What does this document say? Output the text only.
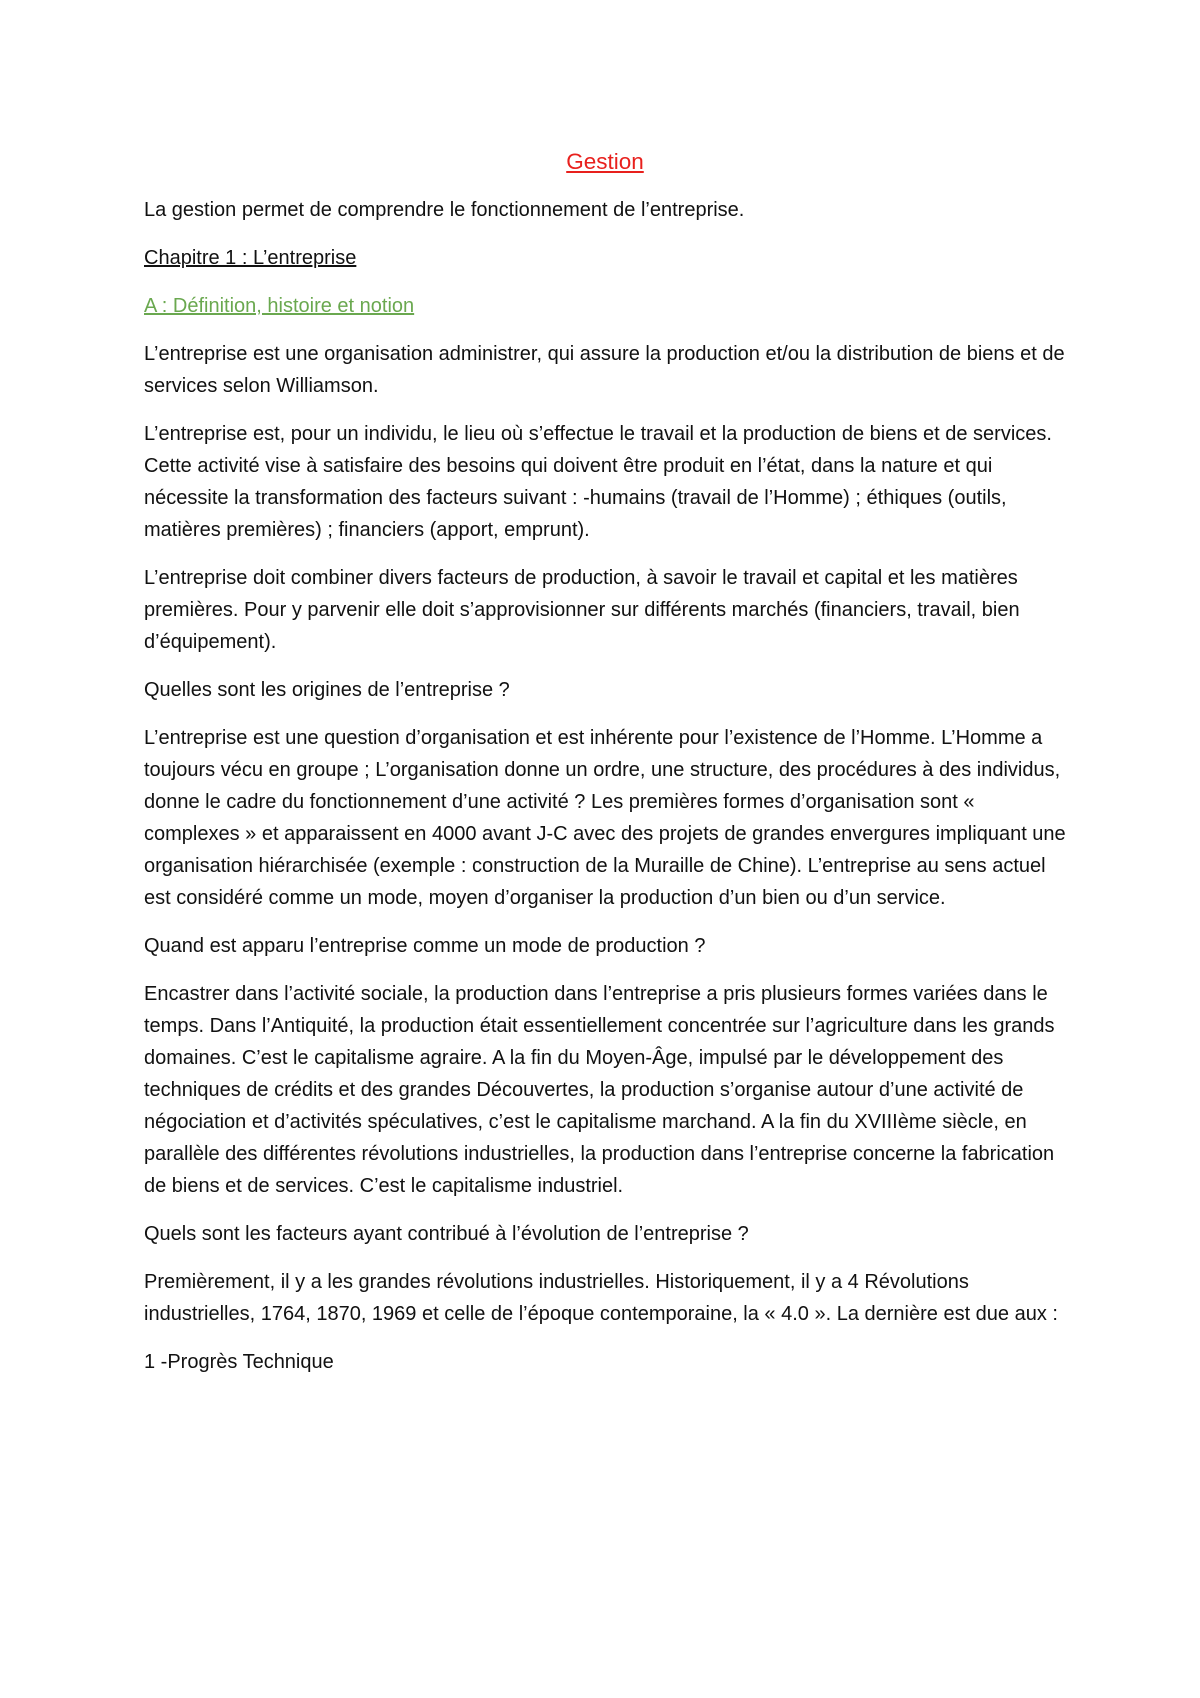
Gestion

La gestion permet de comprendre le fonctionnement de l’entreprise.

Chapitre 1 : L’entreprise

A : Définition, histoire et notion

L’entreprise est une organisation administrer, qui assure la production et/ou la distribution de biens et de services selon Williamson.

L’entreprise est, pour un individu, le lieu où s’effectue le travail et la production de biens et de services. Cette activité vise à satisfaire des besoins qui doivent être produit en l’état, dans la nature et qui nécessite la transformation des facteurs suivant : -humains (travail de l’Homme) ; éthiques (outils, matières premières) ; financiers (apport, emprunt).

L’entreprise doit combiner divers facteurs de production, à savoir le travail et capital et les matières premières. Pour y parvenir elle doit s’approvisionner sur différents marchés (financiers, travail, bien d’équipement).

Quelles sont les origines de l’entreprise ?

L’entreprise est une question d’organisation et est inhérente pour l’existence de l’Homme. L’Homme a toujours vécu en groupe ; L’organisation donne un ordre, une structure, des procédures à des individus, donne le cadre du fonctionnement d’une activité ? Les premières formes d’organisation sont « complexes » et apparaissent en 4000 avant J-C avec des projets de grandes envergures impliquant une organisation hiérarchisée (exemple : construction de la Muraille de Chine). L’entreprise au sens actuel est considéré comme un mode, moyen d’organiser la production d’un bien ou d’un service.

Quand est apparu l’entreprise comme un mode de production ?

Encastrer dans l’activité sociale, la production dans l’entreprise a pris plusieurs formes variées dans le temps. Dans l’Antiquité, la production était essentiellement concentrée sur l’agriculture dans les grands domaines. C’est le capitalisme agraire. A la fin du Moyen-Âge, impulsé par le développement des techniques de crédits et des grandes Découvertes, la production s’organise autour d’une activité de négociation et d’activités spéculatives, c’est le capitalisme marchand. A la fin du XVIIIème siècle, en parallèle des différentes révolutions industrielles, la production dans l’entreprise concerne la fabrication de biens et de services. C’est le capitalisme industriel.

Quels sont les facteurs ayant contribué à l’évolution de l’entreprise ?

Premièrement, il y a les grandes révolutions industrielles. Historiquement, il y a 4 Révolutions industrielles, 1764, 1870, 1969 et celle de l’époque contemporaine, la « 4.0 ». La dernière est due aux :

1 -Progrès Technique
